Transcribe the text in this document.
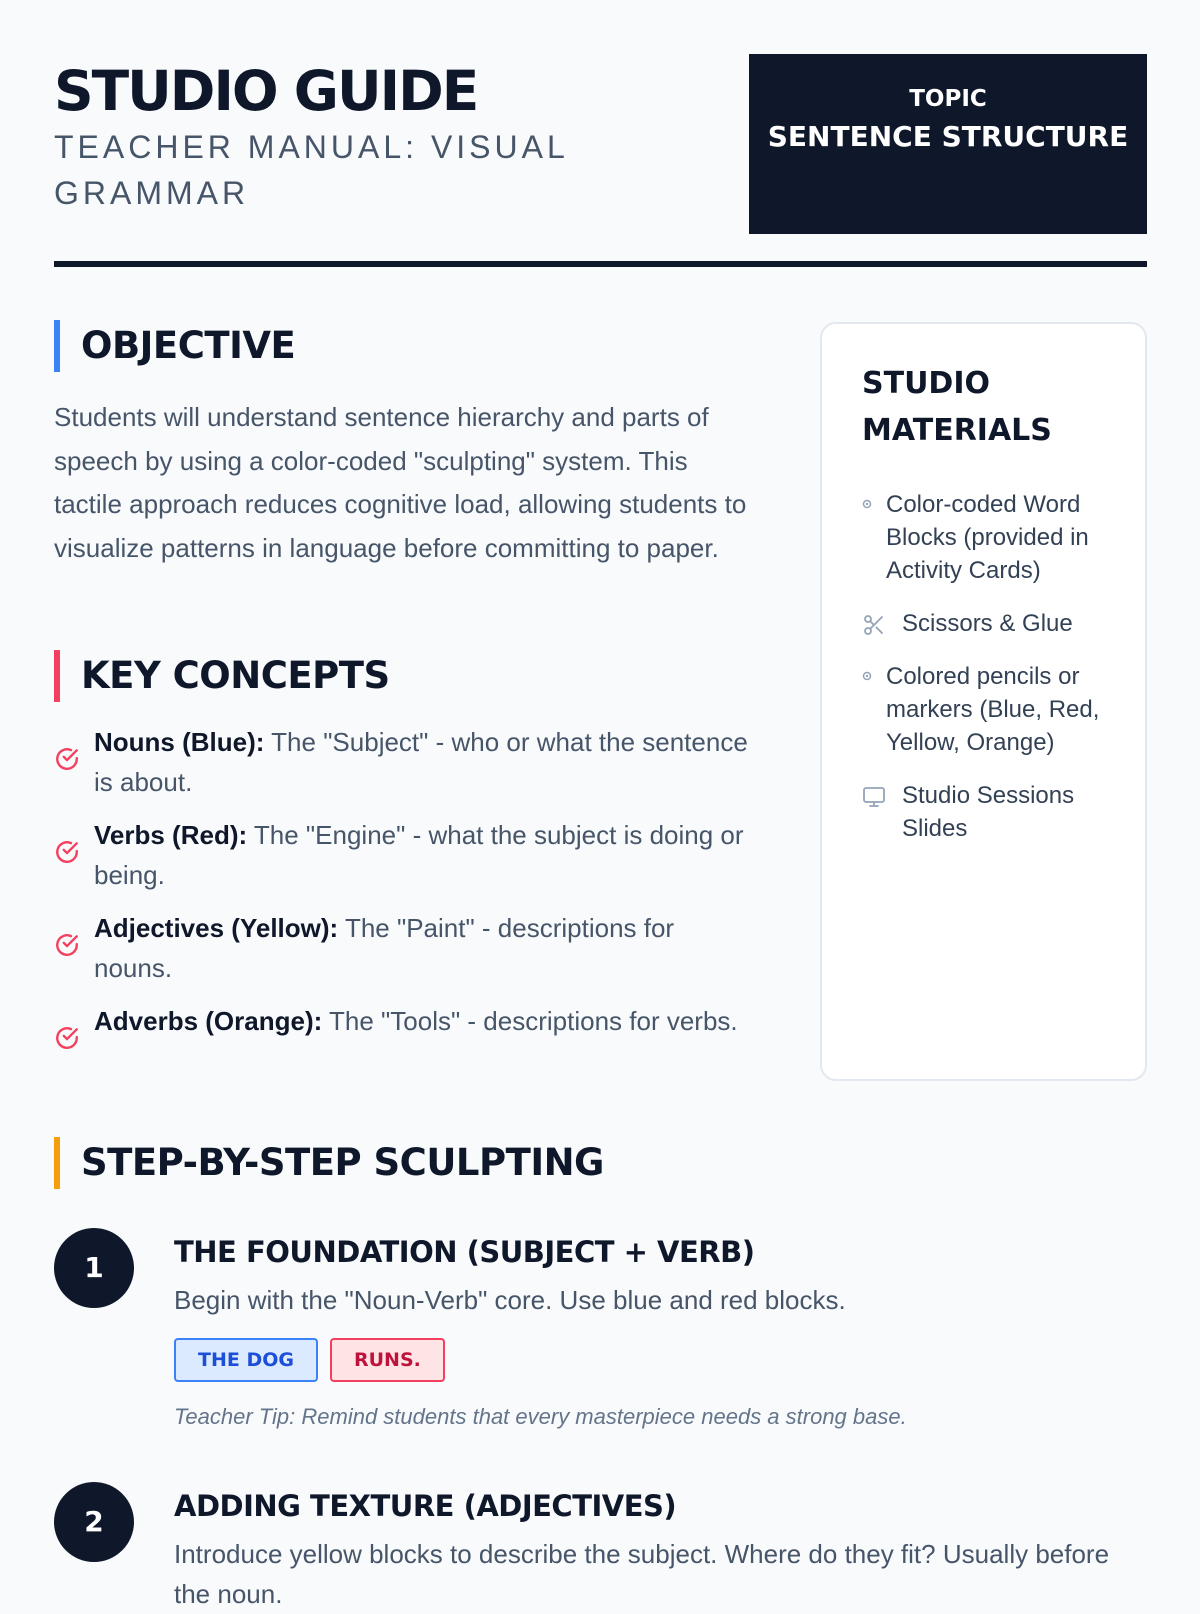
STUDIO GUIDE

TEACHER MANUAL: VISUAL GRAMMAR

TOPIC
SENTENCE STRUCTURE
OBJECTIVE

Students will understand sentence hierarchy and parts of speech by using a color-coded "sculpting" system. This tactile approach reduces cognitive load, allowing students to visualize patterns in language before committing to paper.

KEY CONCEPTS
Nouns (Blue): The "Subject" - who or what the sentence is about.
Verbs (Red): The "Engine" - what the subject is doing or being.
Adjectives (Yellow): The "Paint" - descriptions for nouns.
Adverbs (Orange): The "Tools" - descriptions for verbs.
STUDIO MATERIALS
Color-coded Word Blocks (provided in Activity Cards)
Scissors & Glue
Colored pencils or markers (Blue, Red, Yellow, Orange)
Studio Sessions Slides
STEP-BY-STEP SCULPTING
1	THE FOUNDATION (SUBJECT + VERB)

Begin with the "Noun-Verb" core. Use blue and red blocks.

THE DOG	RUNS.

Teacher Tip: Remind students that every masterpiece needs a strong base.

2	ADDING TEXTURE (ADJECTIVES)

Introduce yellow blocks to describe the subject. Where do they fit? Usually before the noun.
